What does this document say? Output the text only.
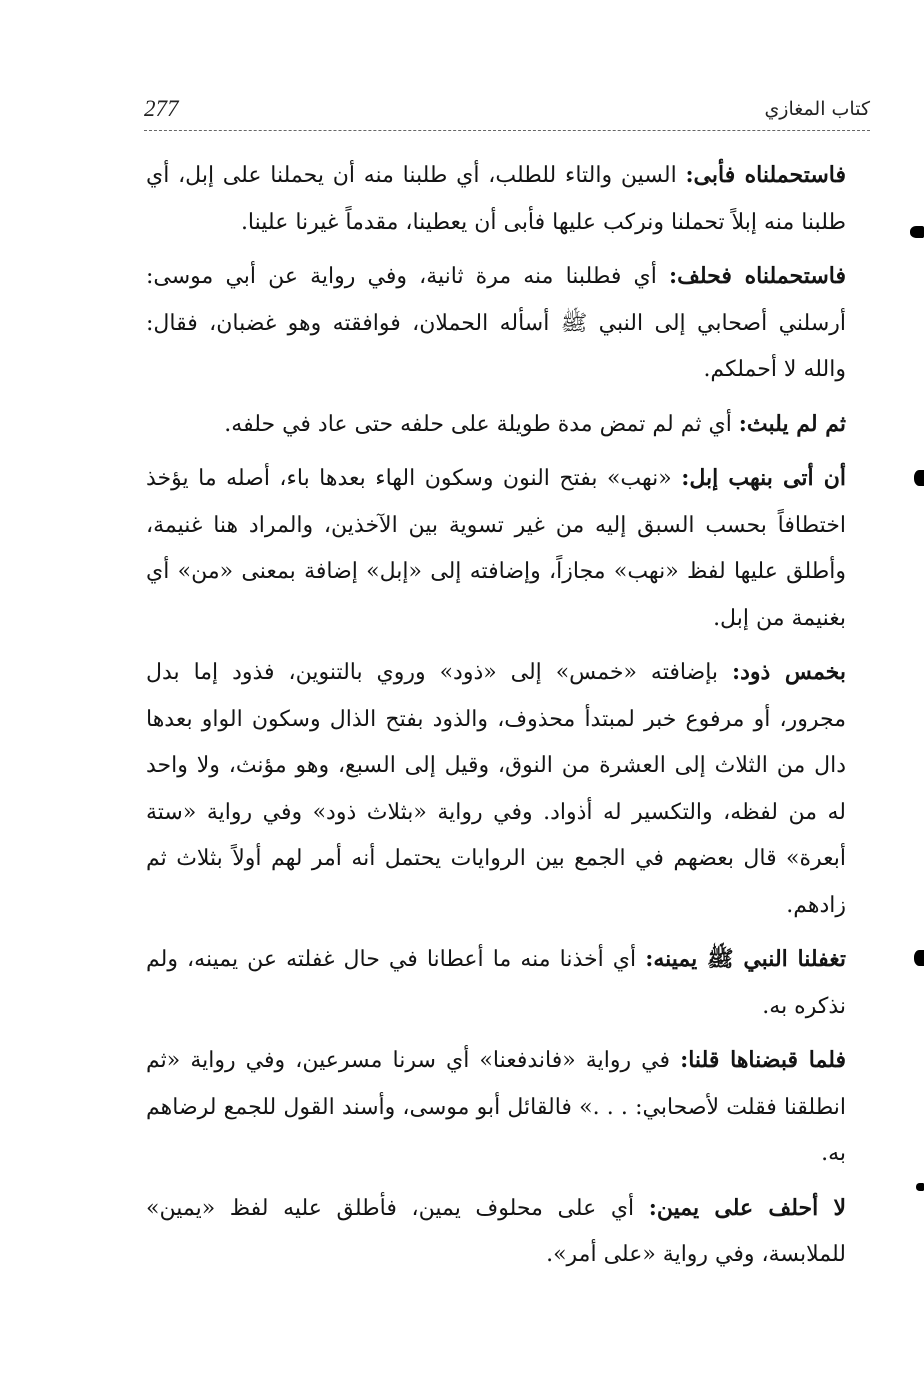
277	كتاب المغازي

فاستحملناه فأبى: السين والتاء للطلب، أي طلبنا منه أن يحملنا على إبل، أي طلبنا منه إبلاً تحملنا ونركب عليها فأبى أن يعطينا، مقدماً غيرنا علينا.

فاستحملناه فحلف: أي فطلبنا منه مرة ثانية، وفي رواية عن أبي موسى: أرسلني أصحابي إلى النبي ﷺ أسأله الحملان، فوافقته وهو غضبان، فقال: والله لا أحملكم.

ثم لم يلبث: أي ثم لم تمض مدة طويلة على حلفه حتى عاد في حلفه.

أن أتى بنهب إبل: «نهب» بفتح النون وسكون الهاء بعدها باء، أصله ما يؤخذ اختطافاً بحسب السبق إليه من غير تسوية بين الآخذين، والمراد هنا غنيمة، وأطلق عليها لفظ «نهب» مجازاً، وإضافته إلى «إبل» إضافة بمعنى «من» أي بغنيمة من إبل.

بخمس ذود: بإضافته «خمس» إلى «ذود» وروي بالتنوين، فذود إما بدل مجرور، أو مرفوع خبر لمبتدأ محذوف، والذود بفتح الذال وسكون الواو بعدها دال من الثلاث إلى العشرة من النوق، وقيل إلى السبع، وهو مؤنث، ولا واحد له من لفظه، والتكسير له أذواد. وفي رواية «بثلاث ذود» وفي رواية «ستة أبعرة» قال بعضهم في الجمع بين الروايات يحتمل أنه أمر لهم أولاً بثلاث ثم زادهم.

تغفلنا النبي ﷺ يمينه: أي أخذنا منه ما أعطانا في حال غفلته عن يمينه، ولم نذكره به.

فلما قبضناها قلنا: في رواية «فاندفعنا» أي سرنا مسرعين، وفي رواية «ثم انطلقنا فقلت لأصحابي: . . .» فالقائل أبو موسى، وأسند القول للجمع لرضاهم به.

لا أحلف على يمين: أي على محلوف يمين، فأطلق عليه لفظ «يمين» للملابسة، وفي رواية «على أمر».
